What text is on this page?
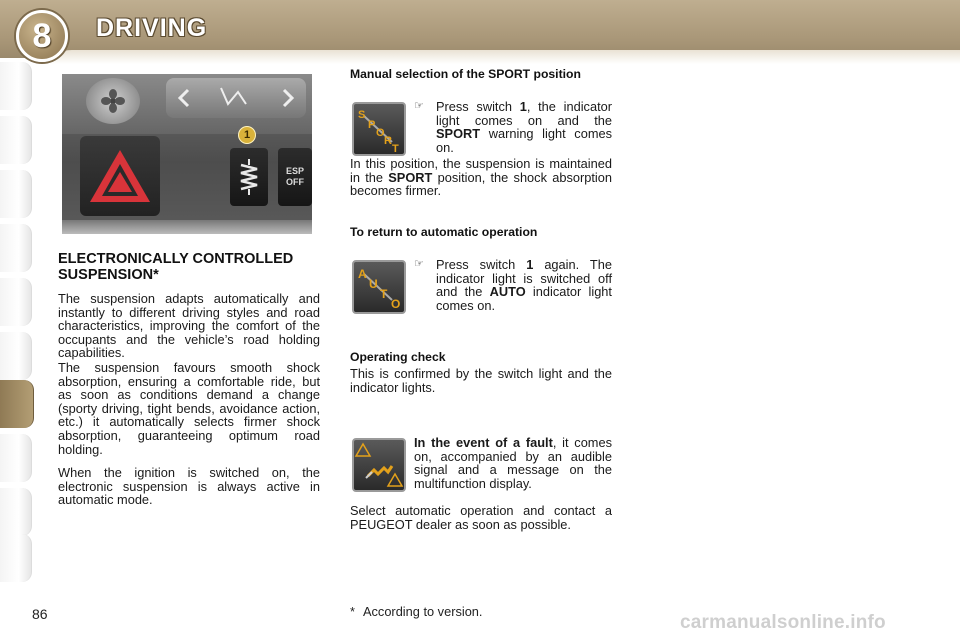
8 DRIVING
1
ESP
OFF
ELECTRONICALLY CONTROLLED SUSPENSION*
The suspension adapts automatically and instantly to different driving styles and road characteristics, improving the comfort of the occupants and the vehicle’s road holding capabilities.
The suspension favours smooth shock absorption, ensuring a comfortable ride, but as soon as conditions demand a change (sporty driving, tight bends, avoidance action, etc.) it automatically selects firmer shock absorption, guaranteeing optimum road holding.
When the ignition is switched on, the electronic suspension is always active in automatic mode.
Manual selection of the SPORT position
S
P
O
R
T
☞ Press switch 1, the indicator light comes on and the SPORT warning light comes on.
In this position, the suspension is maintained in the SPORT position, the shock absorption becomes firmer.
To return to automatic operation
A
U
T
O
☞ Press switch 1 again. The indicator light is switched off and the AUTO indicator light comes on.
Operating check
This is confirmed by the switch light and the indicator lights.
In the event of a fault, it comes on, accompanied by an audible signal and a message on the multifunction display.
Select automatic operation and contact a PEUGEOT dealer as soon as possible.
86	* According to version.
carmanualsonline.info
